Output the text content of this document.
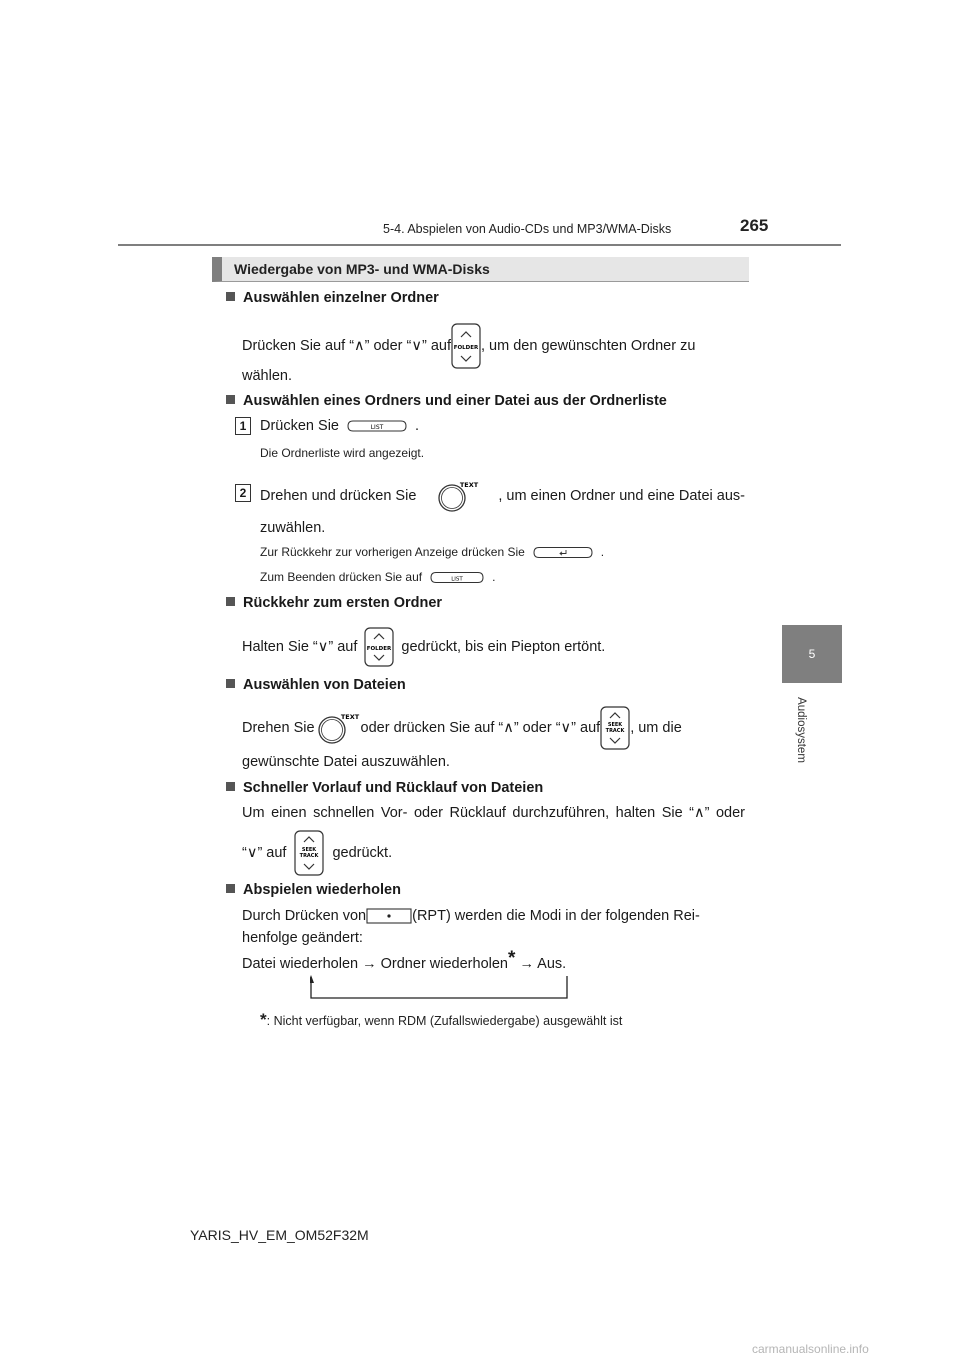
5-4. Abspielen von Audio-CDs und MP3/WMA-Disks	265
5
Audiosystem
Wiedergabe von MP3- und WMA-Disks
Auswählen einzelner Ordner
Drücken Sie auf “∧” oder “∨” auf FOLDER , um den gewünschten Ordner zu
wählen.
Auswählen eines Ordners und einer Datei aus der Ordnerliste
1 Drücken Sie	LIST .
Die Ordnerliste wird angezeigt.
2 Drehen und drücken Sie
TEXT
, um einen Ordner und eine Datei aus-
zuwählen.
Zur Rückkehr zur vorherigen Anzeige drücken Sie	.
Zum Beenden drücken Sie auf	LIST .
Rückkehr zum ersten Ordner
Halten Sie “∨” auf FOLDER gedrückt, bis ein Piepton ertönt.
Auswählen von Dateien
Drehen Sie
TEXT
oder drücken Sie auf “∧” oder “∨” auf SEEK
TRACK , um die
gewünschte Datei auszuwählen.
Schneller Vorlauf und Rücklauf von Dateien
Um einen schnellen Vor- oder Rücklauf durchzuführen, halten Sie “∧” oder
“∨” auf	SEEK
TRACK gedrückt.
Abspielen wiederholen
Durch Drücken von	(RPT) werden die Modi in der folgenden Rei-
henfolge geändert:
Datei wiederholen → Ordner wiederholen* → Aus.
*: Nicht verfügbar, wenn RDM (Zufallswiedergabe) ausgewählt ist
YARIS_HV_EM_OM52F32M
carmanualsonline.info
